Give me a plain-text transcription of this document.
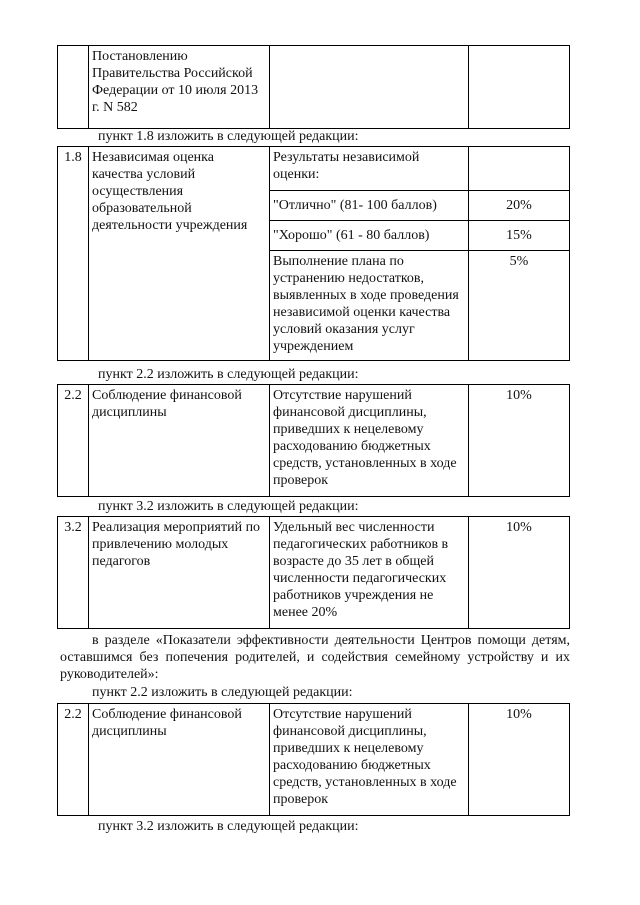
	Постановлению Правительства Российской Федерации от 10 июля 2013 г. N 582		
пункт 1.8 изложить в следующей редакции:
1.8	Независимая оценка качества условий осуществления образовательной деятельности учреждения	Результаты независимой оценки:	
		"Отлично" (81- 100 баллов)	20%
		"Хорошо" (61 - 80 баллов)	15%
		Выполнение плана по устранению недостатков, выявленных в ходе проведения независимой оценки качества условий оказания услуг учреждением	5%
пункт 2.2 изложить в следующей редакции:
2.2	Соблюдение финансовой дисциплины	Отсутствие нарушений финансовой дисциплины, приведших к нецелевому расходованию бюджетных средств, установленных в ходе проверок	10%
пункт 3.2 изложить в следующей редакции:
3.2	Реализация мероприятий по привлечению молодых педагогов	Удельный вес численности педагогических работников в возрасте до 35 лет в общей численности педагогических работников учреждения не менее 20%	10%
в разделе «Показатели эффективности деятельности Центров помощи детям, оставшимся без попечения родителей, и содействия семейному устройству и их руководителей»:
пункт 2.2 изложить в следующей редакции:
2.2	Соблюдение финансовой дисциплины	Отсутствие нарушений финансовой дисциплины, приведших к нецелевому расходованию бюджетных средств, установленных в ходе проверок	10%
пункт 3.2 изложить в следующей редакции:
